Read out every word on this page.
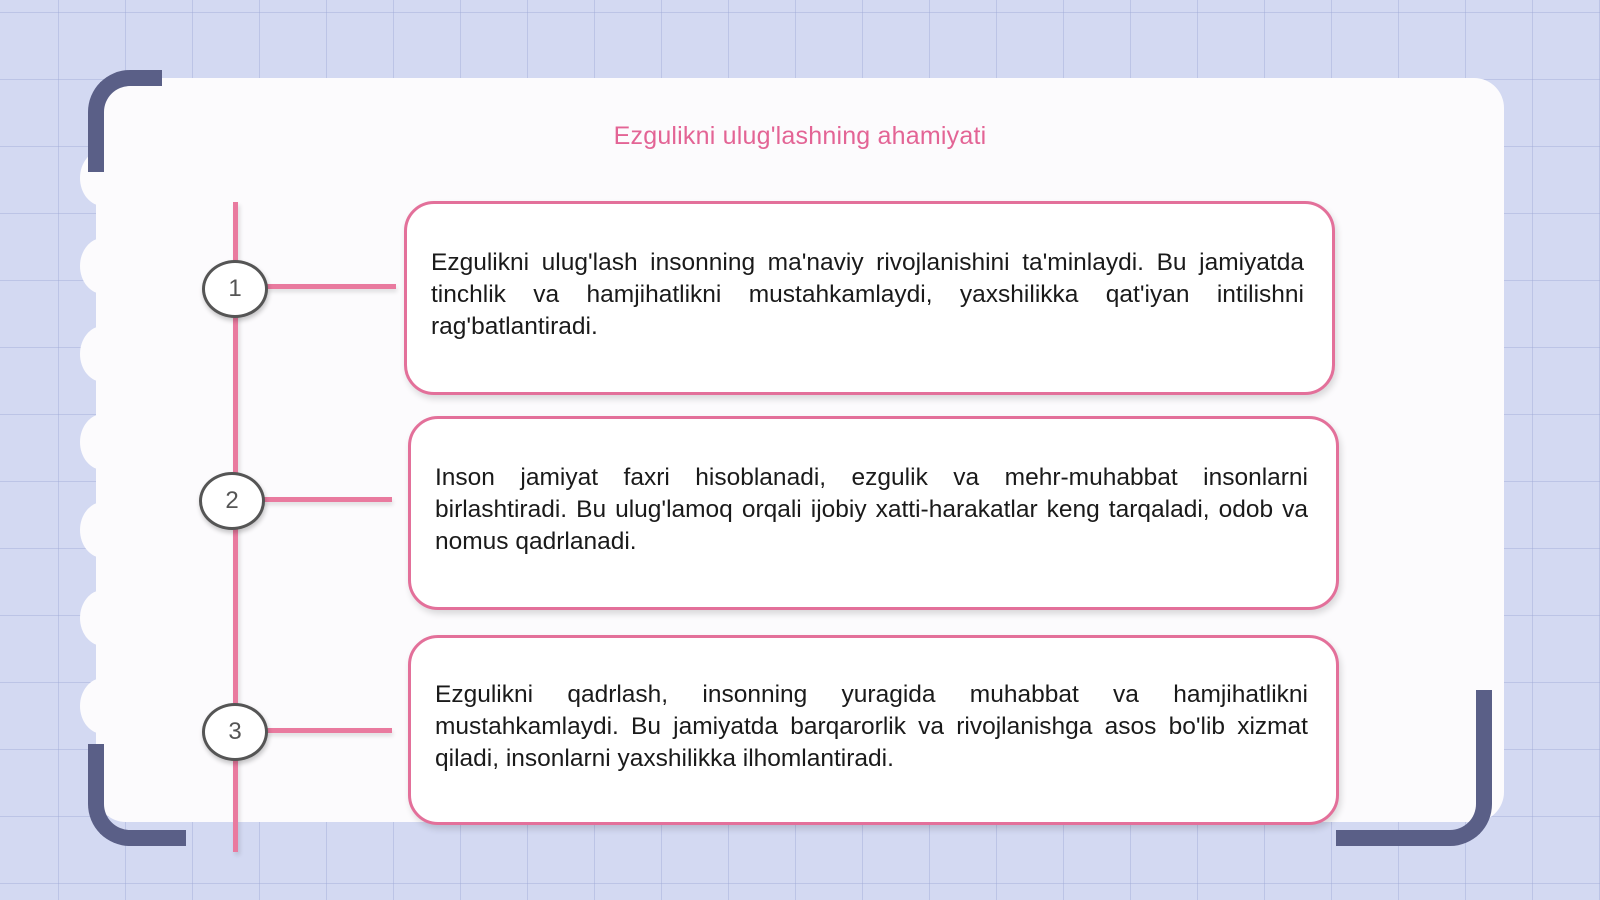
Ezgulikni ulug'lashning ahamiyati
1
2
3

Ezgulikni ulug'lash insonning ma'naviy rivojlanishini ta'minlaydi. Bu jamiyatda tinchlik va hamjihatlikni mustahkamlaydi, yaxshilikka qat'iyan intilishni rag'batlantiradi.

Inson jamiyat faxri hisoblanadi, ezgulik va mehr-muhabbat insonlarni birlashtiradi. Bu ulug'lamoq orqali ijobiy xatti-harakatlar keng tarqaladi, odob va nomus qadrlanadi.

Ezgulikni qadrlash, insonning yuragida muhabbat va hamjihatlikni mustahkamlaydi. Bu jamiyatda barqarorlik va rivojlanishga asos bo'lib xizmat qiladi, insonlarni yaxshilikka ilhomlantiradi.
